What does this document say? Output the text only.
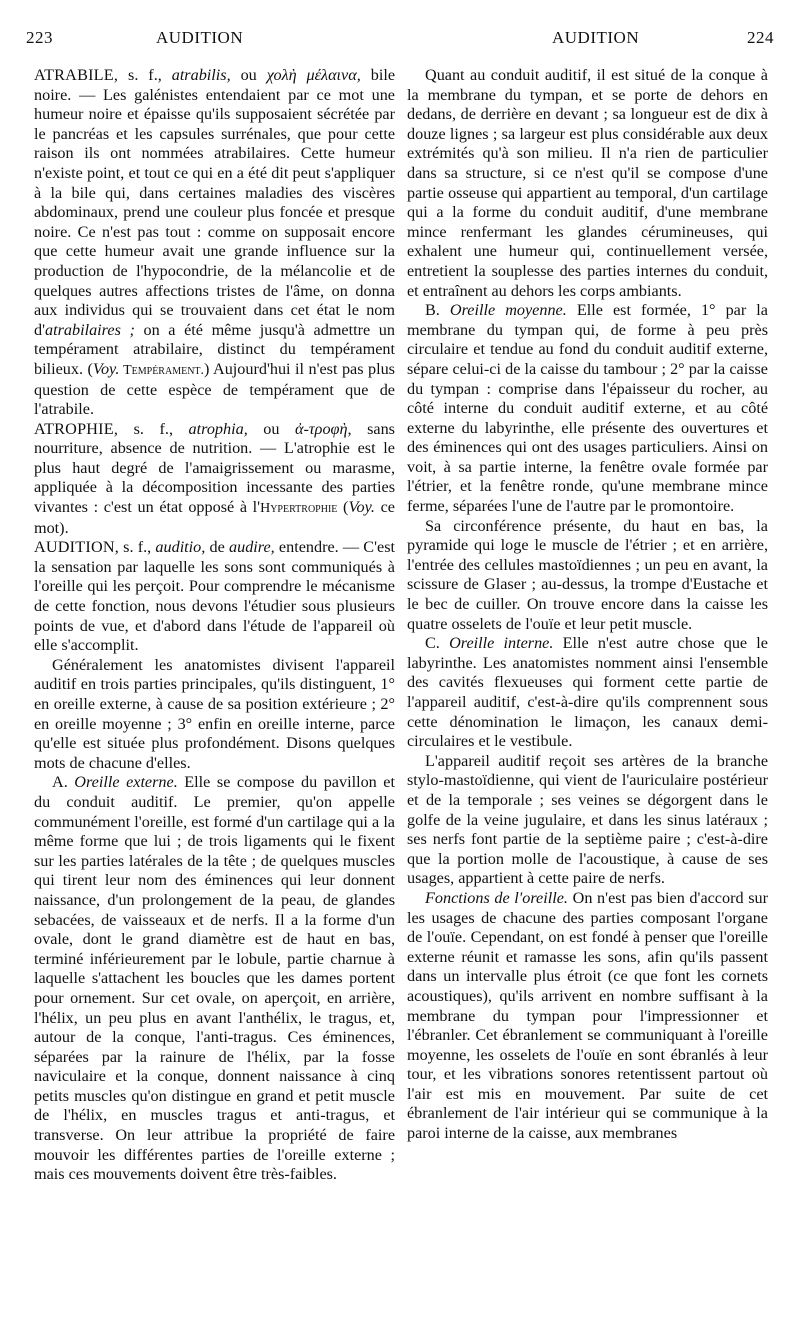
223	AUDITION	AUDITION	224

ATRABILE, s. f., atrabilis, ou χολὴ μέλαινα, bile noire. — Les galénistes entendaient par ce mot une humeur noire et épaisse qu'ils supposaient sécrétée par le pancréas et les capsules surrénales, que pour cette raison ils ont nommées atrabilaires. Cette humeur n'existe point, et tout ce qui en a été dit peut s'appliquer à la bile qui, dans certaines maladies des viscères abdominaux, prend une couleur plus foncée et presque noire. Ce n'est pas tout : comme on supposait encore que cette humeur avait une grande influence sur la production de l'hypocondrie, de la mélancolie et de quelques autres affections tristes de l'âme, on donna aux individus qui se trouvaient dans cet état le nom d'atrabilaires ; on a été même jusqu'à admettre un tempérament atrabilaire, distinct du tempérament bilieux. (Voy. Tempérament.) Aujourd'hui il n'est pas plus question de cette espèce de tempérament que de l'atrabile.

ATROPHIE, s. f., atrophia, ou ἀ-τροφὴ, sans nourriture, absence de nutrition. — L'atrophie est le plus haut degré de l'amaigrissement ou marasme, appliquée à la décomposition incessante des parties vivantes : c'est un état opposé à l'Hypertrophie (Voy. ce mot).

AUDITION, s. f., auditio, de audire, entendre. — C'est la sensation par laquelle les sons sont communiqués à l'oreille qui les perçoit. Pour comprendre le mécanisme de cette fonction, nous devons l'étudier sous plusieurs points de vue, et d'abord dans l'étude de l'appareil où elle s'accomplit.

Généralement les anatomistes divisent l'appareil auditif en trois parties principales, qu'ils distinguent, 1° en oreille externe, à cause de sa position extérieure ; 2° en oreille moyenne ; 3° enfin en oreille interne, parce qu'elle est située plus profondément. Disons quelques mots de chacune d'elles.

A. Oreille externe. Elle se compose du pavillon et du conduit auditif. Le premier, qu'on appelle communément l'oreille, est formé d'un cartilage qui a la même forme que lui ; de trois ligaments qui le fixent sur les parties latérales de la tête ; de quelques muscles qui tirent leur nom des éminences qui leur donnent naissance, d'un prolongement de la peau, de glandes sebacées, de vaisseaux et de nerfs. Il a la forme d'un ovale, dont le grand diamètre est de haut en bas, terminé inférieurement par le lobule, partie charnue à laquelle s'attachent les boucles que les dames portent pour ornement. Sur cet ovale, on aperçoit, en arrière, l'hélix, un peu plus en avant l'anthélix, le tragus, et, autour de la conque, l'anti-tragus. Ces éminences, séparées par la rainure de l'hélix, par la fosse naviculaire et la conque, donnent naissance à cinq petits muscles qu'on distingue en grand et petit muscle de l'hélix, en muscles tragus et anti-tragus, et transverse. On leur attribue la propriété de faire mouvoir les différentes parties de l'oreille externe ; mais ces mouvements doivent être très-faibles.

Quant au conduit auditif, il est situé de la conque à la membrane du tympan, et se porte de dehors en dedans, de derrière en devant ; sa longueur est de dix à douze lignes ; sa largeur est plus considérable aux deux extrémités qu'à son milieu. Il n'a rien de particulier dans sa structure, si ce n'est qu'il se compose d'une partie osseuse qui appartient au temporal, d'un cartilage qui a la forme du conduit auditif, d'une membrane mince renfermant les glandes cérumineuses, qui exhalent une humeur qui, continuellement versée, entretient la souplesse des parties internes du conduit, et entraînent au dehors les corps ambiants.

B. Oreille moyenne. Elle est formée, 1° par la membrane du tympan qui, de forme à peu près circulaire et tendue au fond du conduit auditif externe, sépare celui-ci de la caisse du tambour ; 2° par la caisse du tympan : comprise dans l'épaisseur du rocher, au côté interne du conduit auditif externe, et au côté externe du labyrinthe, elle présente des ouvertures et des éminences qui ont des usages particuliers. Ainsi on voit, à sa partie interne, la fenêtre ovale formée par l'étrier, et la fenêtre ronde, qu'une membrane mince ferme, séparées l'une de l'autre par le promontoire.

Sa circonférence présente, du haut en bas, la pyramide qui loge le muscle de l'étrier ; et en arrière, l'entrée des cellules mastoïdiennes ; un peu en avant, la scissure de Glaser ; au-dessus, la trompe d'Eustache et le bec de cuiller. On trouve encore dans la caisse les quatre osselets de l'ouïe et leur petit muscle.

C. Oreille interne. Elle n'est autre chose que le labyrinthe. Les anatomistes nomment ainsi l'ensemble des cavités flexueuses qui forment cette partie de l'appareil auditif, c'est-à-dire qu'ils comprennent sous cette dénomination le limaçon, les canaux demi-circulaires et le vestibule.

L'appareil auditif reçoit ses artères de la branche stylo-mastoïdienne, qui vient de l'auriculaire postérieur et de la temporale ; ses veines se dégorgent dans le golfe de la veine jugulaire, et dans les sinus latéraux ; ses nerfs font partie de la septième paire ; c'est-à-dire que la portion molle de l'acoustique, à cause de ses usages, appartient à cette paire de nerfs.

Fonctions de l'oreille. On n'est pas bien d'accord sur les usages de chacune des parties composant l'organe de l'ouïe. Cependant, on est fondé à penser que l'oreille externe réunit et ramasse les sons, afin qu'ils passent dans un intervalle plus étroit (ce que font les cornets acoustiques), qu'ils arrivent en nombre suffisant à la membrane du tympan pour l'impressionner et l'ébranler. Cet ébranlement se communiquant à l'oreille moyenne, les osselets de l'ouïe en sont ébranlés à leur tour, et les vibrations sonores retentissent partout où l'air est mis en mouvement. Par suite de cet ébranlement de l'air intérieur qui se communique à la paroi interne de la caisse, aux membranes
